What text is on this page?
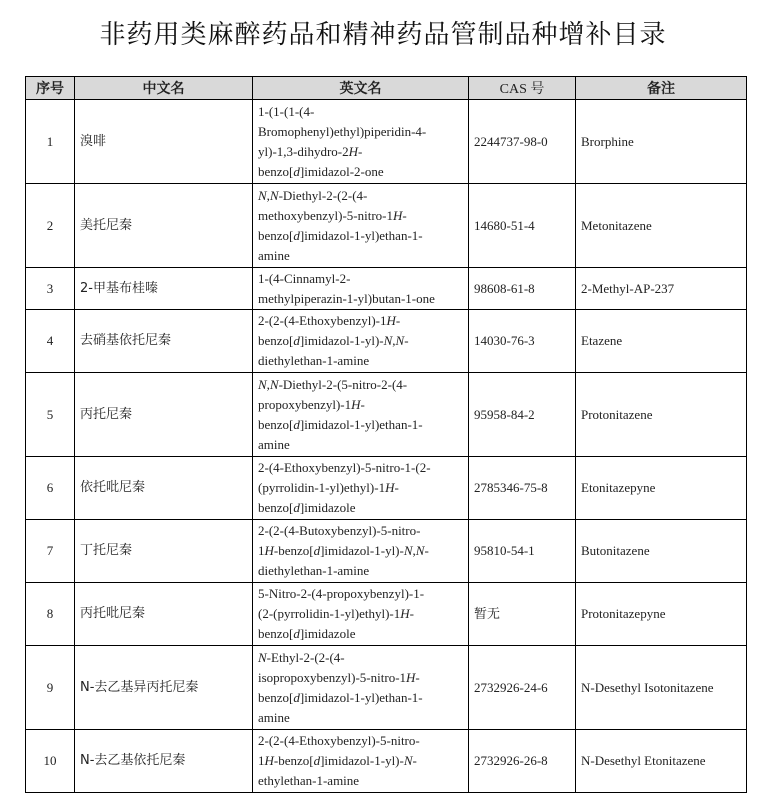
非药用类麻醉药品和精神药品管制品种增补目录
序号	中文名	英文名	CAS 号	备注
1	溴啡	1-(1-(1-(4-
Bromophenyl)ethyl)piperidin-4-
yl)-1,3-dihydro-2H-
benzo[d]imidazol-2-one	2244737-98-0	Brorphine
2	美托尼秦	N,N-Diethyl-2-(2-(4-
methoxybenzyl)-5-nitro-1H-
benzo[d]imidazol-1-yl)ethan-1-
amine	14680-51-4	Metonitazene
3	2-甲基布桂嗪	1-(4-Cinnamyl-2-
methylpiperazin-1-yl)butan-1-one	98608-61-8	2-Methyl-AP-237
4	去硝基依托尼秦	2-(2-(4-Ethoxybenzyl)-1H-
benzo[d]imidazol-1-yl)-N,N-
diethylethan-1-amine	14030-76-3	Etazene
5	丙托尼秦	N,N-Diethyl-2-(5-nitro-2-(4-
propoxybenzyl)-1H-
benzo[d]imidazol-1-yl)ethan-1-
amine	95958-84-2	Protonitazene
6	依托吡尼秦	2-(4-Ethoxybenzyl)-5-nitro-1-(2-
(pyrrolidin-1-yl)ethyl)-1H-
benzo[d]imidazole	2785346-75-8	Etonitazepyne
7	丁托尼秦	2-(2-(4-Butoxybenzyl)-5-nitro-
1H-benzo[d]imidazol-1-yl)-N,N-
diethylethan-1-amine	95810-54-1	Butonitazene
8	丙托吡尼秦	5-Nitro-2-(4-propoxybenzyl)-1-
(2-(pyrrolidin-1-yl)ethyl)-1H-
benzo[d]imidazole	暂无	Protonitazepyne
9	N-去乙基异丙托尼秦	N-Ethyl-2-(2-(4-
isopropoxybenzyl)-5-nitro-1H-
benzo[d]imidazol-1-yl)ethan-1-
amine	2732926-24-6	N-Desethyl Isotonitazene
10	N-去乙基依托尼秦	2-(2-(4-Ethoxybenzyl)-5-nitro-
1H-benzo[d]imidazol-1-yl)-N-
ethylethan-1-amine	2732926-26-8	N-Desethyl Etonitazene
